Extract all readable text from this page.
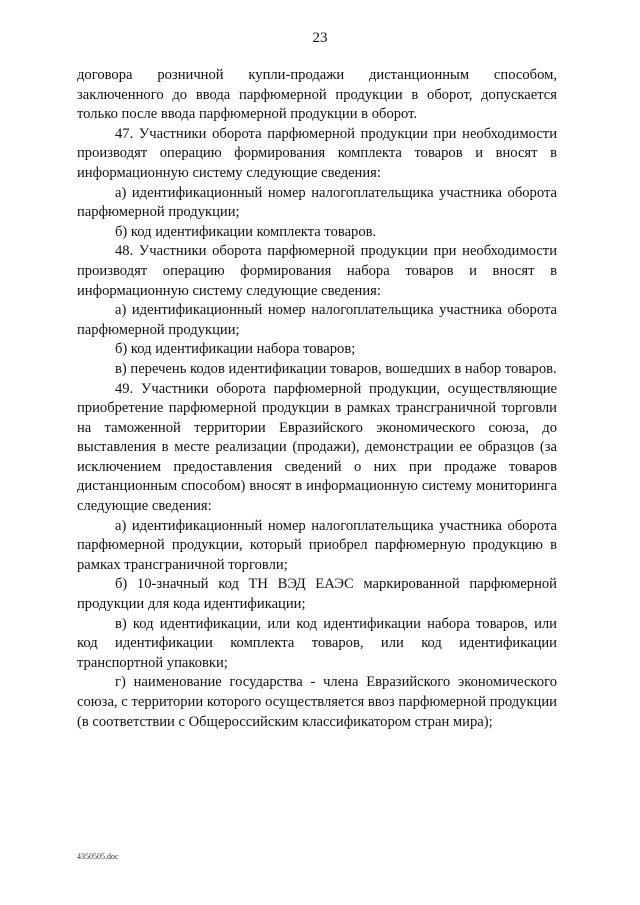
23

договора розничной купли-продажи дистанционным способом, заключенного до ввода парфюмерной продукции в оборот, допускается только после ввода парфюмерной продукции в оборот.

47. Участники оборота парфюмерной продукции при необходимости производят операцию формирования комплекта товаров и вносят в информационную систему следующие сведения:

а) идентификационный номер налогоплательщика участника оборота парфюмерной продукции;

б) код идентификации комплекта товаров.

48. Участники оборота парфюмерной продукции при необходимости производят операцию формирования набора товаров и вносят в информационную систему следующие сведения:

а) идентификационный номер налогоплательщика участника оборота парфюмерной продукции;

б) код идентификации набора товаров;

в) перечень кодов идентификации товаров, вошедших в набор товаров.

49. Участники оборота парфюмерной продукции, осуществляющие приобретение парфюмерной продукции в рамках трансграничной торговли на таможенной территории Евразийского экономического союза, до выставления в месте реализации (продажи), демонстрации ее образцов (за исключением предоставления сведений о них при продаже товаров дистанционным способом) вносят в информационную систему мониторинга следующие сведения:

а) идентификационный номер налогоплательщика участника оборота парфюмерной продукции, который приобрел парфюмерную продукцию в рамках трансграничной торговли;

б) 10-значный код ТН ВЭД ЕАЭС маркированной парфюмерной продукции для кода идентификации;

в) код идентификации, или код идентификации набора товаров, или код идентификации комплекта товаров, или код идентификации транспортной упаковки;

г) наименование государства - члена Евразийского экономического союза, с территории которого осуществляется ввоз парфюмерной продукции (в соответствии с Общероссийским классификатором стран мира);

4350505.doc
